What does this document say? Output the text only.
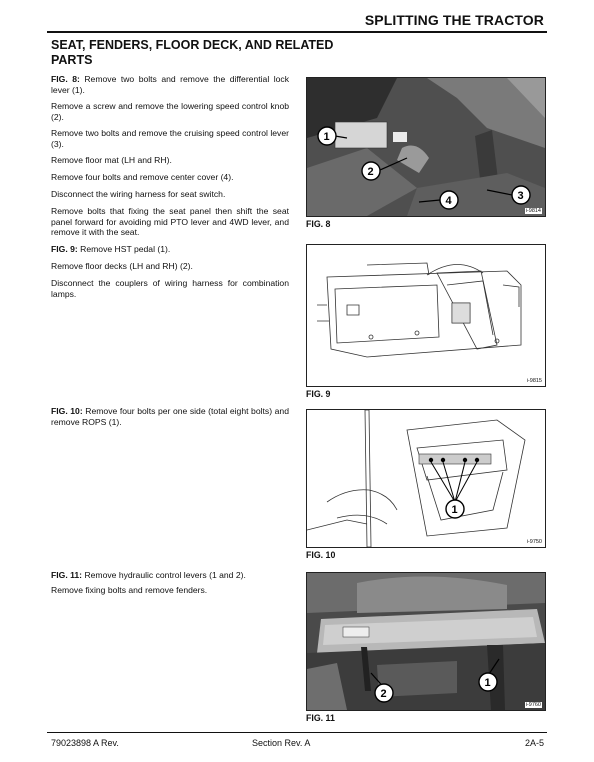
SPLITTING THE TRACTOR
SEAT, FENDERS, FLOOR DECK, AND RELATED PARTS
FIG. 8: Remove two bolts and remove the differential lock lever (1).
Remove a screw and remove the lowering speed control knob (2).
Remove two bolts and remove the cruising speed control lever (3).
Remove floor mat (LH and RH).
Remove four bolts and remove center cover (4).
Disconnect the wiring harness for seat switch.
Remove bolts that fixing the seat panel then shift the seat panel forward for avoiding mid PTO lever and 4WD lever, and remove it with the seat.
FIG. 9: Remove HST pedal (1).
Remove floor decks (LH and RH) (2).
Disconnect the couplers of wiring harness for combination lamps.
FIG. 10: Remove four bolts per one side (total eight bolts) and remove ROPS (1).
FIG. 11: Remove hydraulic control levers (1 and 2).
Remove fixing bolts and remove fenders.
1
2
3
4
i-9814
FIG. 8
i-9815
FIG. 9
1
i-9750
FIG. 10
2
1
i-9760
FIG. 11
79023898 A Rev.	Section Rev. A	2A-5
